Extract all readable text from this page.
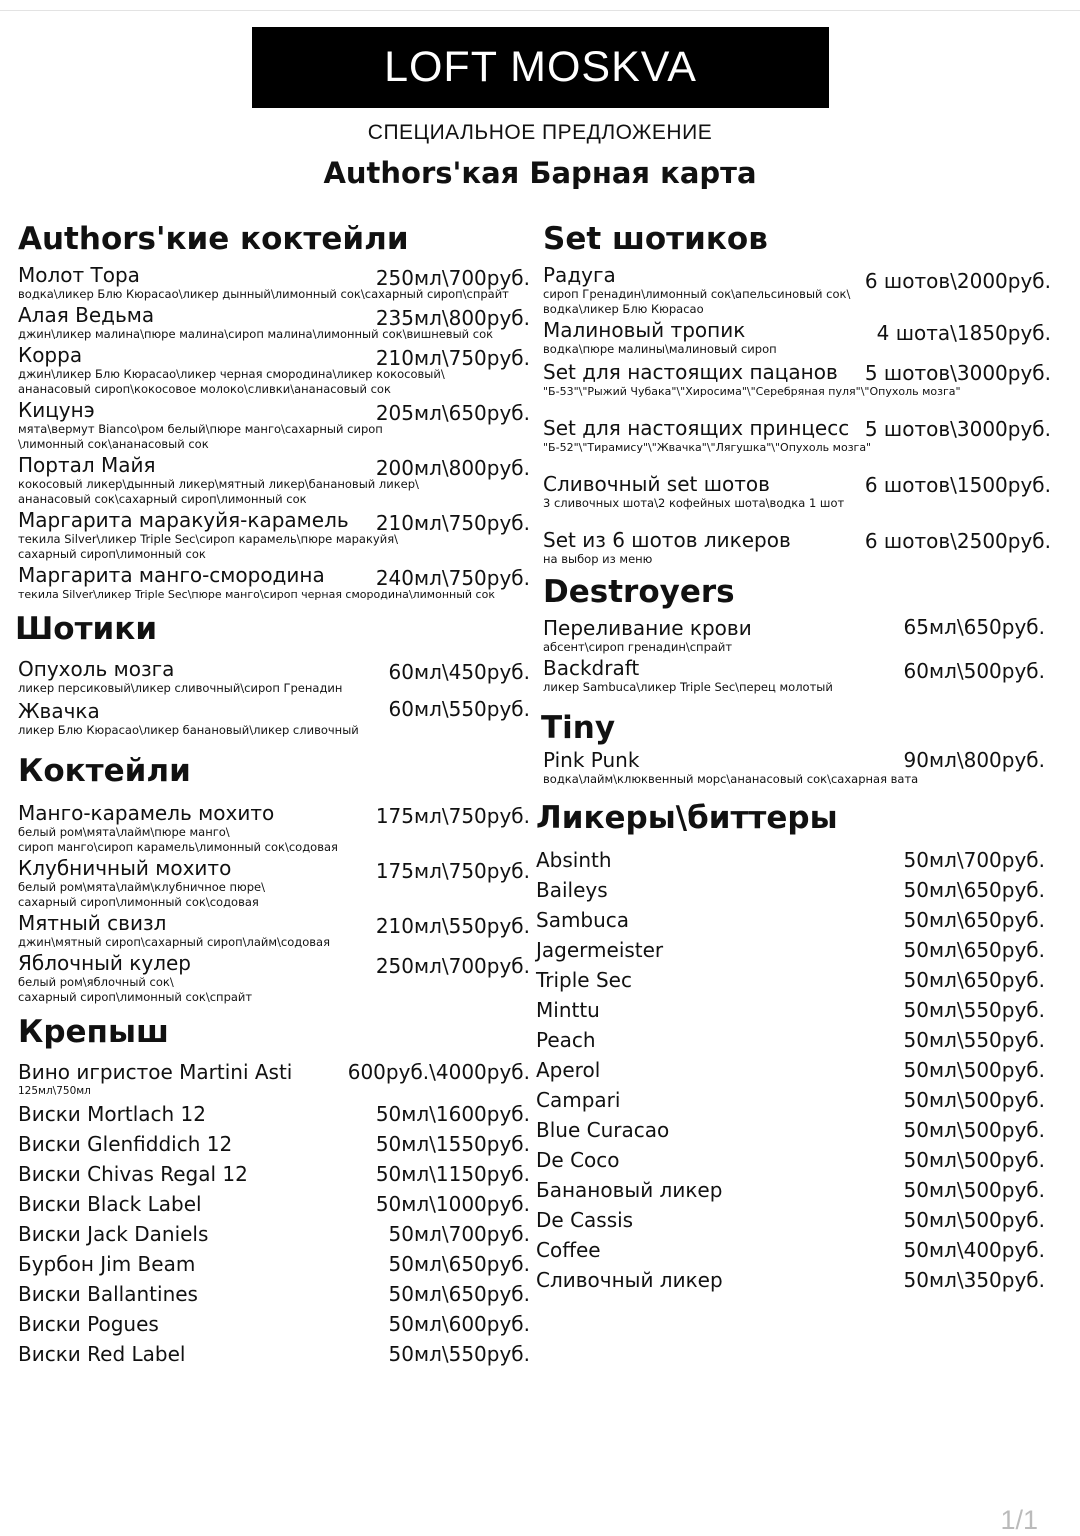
LOFT MOSKVA
СПЕЦИАЛЬНОЕ ПРЕДЛОЖЕНИЕ
Authors'кая Барная карта
Authors'кие коктейли
Молот Тора	250мл\700руб.
водка\ликер Блю Кюрасао\ликер дынный\лимонный сок\сахарный сироп\спрайт
Алая Ведьма	235мл\800руб.
джин\ликер малина\пюре малина\сироп малина\лимонный сок\вишневый сок
Корра	210мл\750руб.
джин\ликер Блю Кюрасао\ликер черная смородина\ликер кокосовый\
ананасовый сироп\кокосовое молоко\сливки\ананасовый сок
Кицунэ	205мл\650руб.
мята\вермут Bianco\ром белый\пюре манго\сахарный сироп
\лимонный сок\ананасовый сок
Портал Майя	200мл\800руб.
кокосовый ликер\дынный ликер\мятный ликер\банановый ликер\
ананасовый сок\сахарный сироп\лимонный сок
Маргарита маракуйя-карамель	210мл\750руб.
текила Silver\ликер Triple Sec\сироп карамель\пюре маракуйя\
сахарный сироп\лимонный сок
Маргарита манго-смородина	240мл\750руб.
текила Silver\ликер Triple Sec\пюре манго\сироп черная смородина\лимонный сок
Шотики
Опухоль мозга	60мл\450руб.
ликер персиковый\ликер сливочный\сироп Гренадин
Жвачка	60мл\550руб.
ликер Блю Кюрасао\ликер банановый\ликер сливочный
Коктейли
Манго-карамель мохито	175мл\750руб.
белый ром\мята\лайм\пюре манго\
сироп манго\сироп карамель\лимонный сок\содовая
Клубничный мохито	175мл\750руб.
белый ром\мята\лайм\клубничное пюре\
сахарный сироп\лимонный сок\содовая
Мятный свизл	210мл\550руб.
джин\мятный сироп\сахарный сироп\лайм\содовая
Яблочный кулер	250мл\700руб.
белый ром\яблочный сок\
сахарный сироп\лимонный сок\спрайт
Крепыш
Вино игристое Martini Asti	600руб.\4000руб.
125мл\750мл
Виски Mortlach 12	50мл\1600руб.
Виски Glenfiddich 12	50мл\1550руб.
Виски Chivas Regal 12	50мл\1150руб.
Виски Black Label	50мл\1000руб.
Виски Jack Daniels	50мл\700руб.
Бурбон Jim Beam	50мл\650руб.
Виски Ballantines	50мл\650руб.
Виски Pogues	50мл\600руб.
Виски Red Label	50мл\550руб.
Set шотиков
Радуга	6 шотов\2000руб.
сироп Гренадин\лимонный сок\апельсиновый сок\
водка\ликер Блю Кюрасао
Малиновый тропик	4 шота\1850руб.
водка\пюре малины\малиновый сироп
Set для настоящих пацанов	5 шотов\3000руб.
"Б-53"\"Рыжий Чубака"\"Хиросима"\"Серебряная пуля"\"Опухоль мозга"
Set для настоящих принцесс 5 шотов\3000руб.
"Б-52"\"Тирамису"\"Жвачка"\"Лягушка"\"Опухоль мозга"
Сливочный set шотов	6 шотов\1500руб.
3 сливочных шота\2 кофейных шота\водка 1 шот
Set из 6 шотов ликеров	6 шотов\2500руб.
на выбор из меню
Destroyers
Переливание крови	65мл\650руб.
абсент\сироп гренадин\спрайт
Backdraft	60мл\500руб.
ликер Sambuca\ликер Triple Sec\перец молотый
Tiny
Pink Punk	90мл\800руб.
водка\лайм\клюквенный морс\ананасовый сок\сахарная вата
Ликеры\биттеры
Absinth	50мл\700руб.
Baileys	50мл\650руб.
Sambuca	50мл\650руб.
Jagermeister	50мл\650руб.
Triple Sec	50мл\650руб.
Minttu	50мл\550руб.
Peach	50мл\550руб.
Aperol	50мл\500руб.
Campari	50мл\500руб.
Blue Curacao	50мл\500руб.
De Coco	50мл\500руб.
Банановый ликер	50мл\500руб.
De Cassis	50мл\500руб.
Coffee	50мл\400руб.
Сливочный ликер	50мл\350руб.
1/1
